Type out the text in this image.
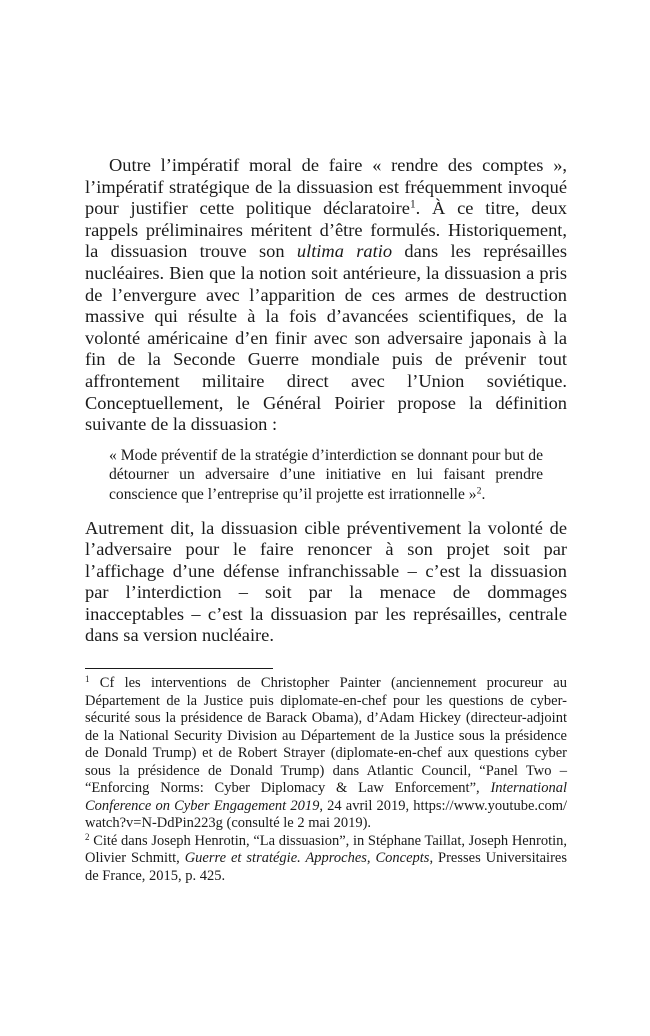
Outre l’impératif moral de faire « rendre des comptes », l’impératif stratégique de la dissuasion est fréquemment invoqué pour justifier cette politique déclaratoire$^1$. À ce titre, deux rappels préliminaires méritent d’être formulés. Historiquement, la dissuasion trouve son ultima ratio dans les représailles nucléaires. Bien que la notion soit antérieure, la dissuasion a pris de l’envergure avec l’apparition de ces armes de destruction massive qui résulte à la fois d’avancées scientifiques, de la volonté américaine d’en finir avec son adversaire japonais à la fin de la Seconde Guerre mondiale puis de prévenir tout affrontement militaire direct avec l’Union soviétique. Conceptuellement, le Général Poirier propose la définition suivante de la dissuasion :

« Mode préventif de la stratégie d’interdiction se donnant pour but de détourner un adversaire d’une initiative en lui faisant prendre conscience que l’entreprise qu’il projette est irrationnelle »$^2$.

Autrement dit, la dissuasion cible préventivement la volonté de l’adversaire pour le faire renoncer à son projet soit par l’affichage d’une défense infranchissable – c’est la dissuasion par l’interdiction – soit par la menace de dommages inacceptables – c’est la dissuasion par les représailles, centrale dans sa version nucléaire.

$^1$ Cf les interventions de Christopher Painter (anciennement procureur au Département de la Justice puis diplomate-en-chef pour les questions de cyber-sécurité sous la présidence de Barack Obama), d’Adam Hickey (directeur-adjoint de la National Security Division au Département de la Justice sous la présidence de Donald Trump) et de Robert Strayer (diplomate-en-chef aux questions cyber sous la présidence de Donald Trump) dans Atlantic Council, “Panel Two – “Enforcing Norms: Cyber Diplomacy & Law Enforcement”, International Conference on Cyber Engagement 2019, 24 avril 2019, https://www.youtube.com/watch?v=N-DdPin223g (consulté le 2 mai 2019).

$^2$ Cité dans Joseph Henrotin, “La dissuasion”, in Stéphane Taillat, Joseph Henrotin, Olivier Schmitt, Guerre et stratégie. Approches, Concepts, Presses Universitaires de France, 2015, p. 425.
